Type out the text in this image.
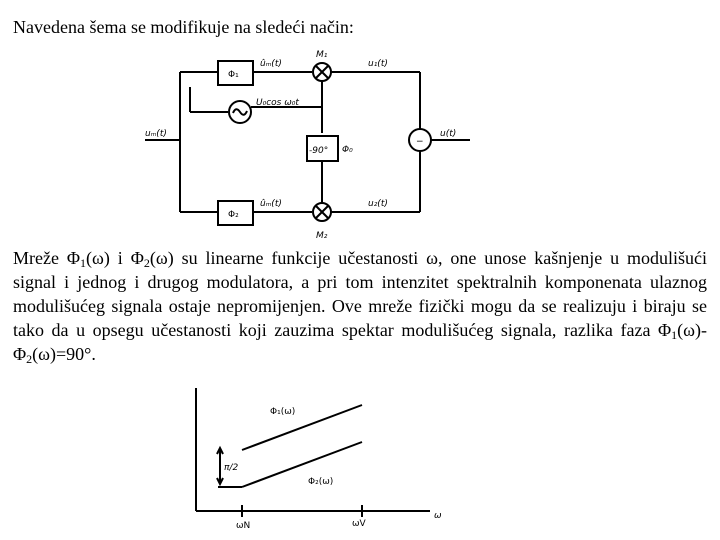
Navedena šema se modifikuje na sledeći način:
uₘ(t)
Φ₁
Φ₂
ûₘ(t)
ûₘ(t)
M₁
M₂
u₁(t)
u₂(t)
U₀cos ω₀t
-90° Φ₀
−
u(t)

Mreže $\Phi_1(\omega)$ i $\Phi_2(\omega)$ su linearne funkcije učestanosti ω, one unose kašnjenje u modulišući signal i jednog i drugog modulatora, a pri tom intenzitet spektralnih komponenata ulaznog modulišućeg signala ostaje nepromijenjen. Ove mreže fizički mogu da se realizuju i biraju se tako da u opsegu učestanosti koji zauzima spektar modulišućeg signala, razlika faza $\Phi_1(\omega)-\Phi_2(\omega)=90^\circ$.

Φ₁(ω)
Φ₂(ω)
π/2
ωN	ωV
ω
